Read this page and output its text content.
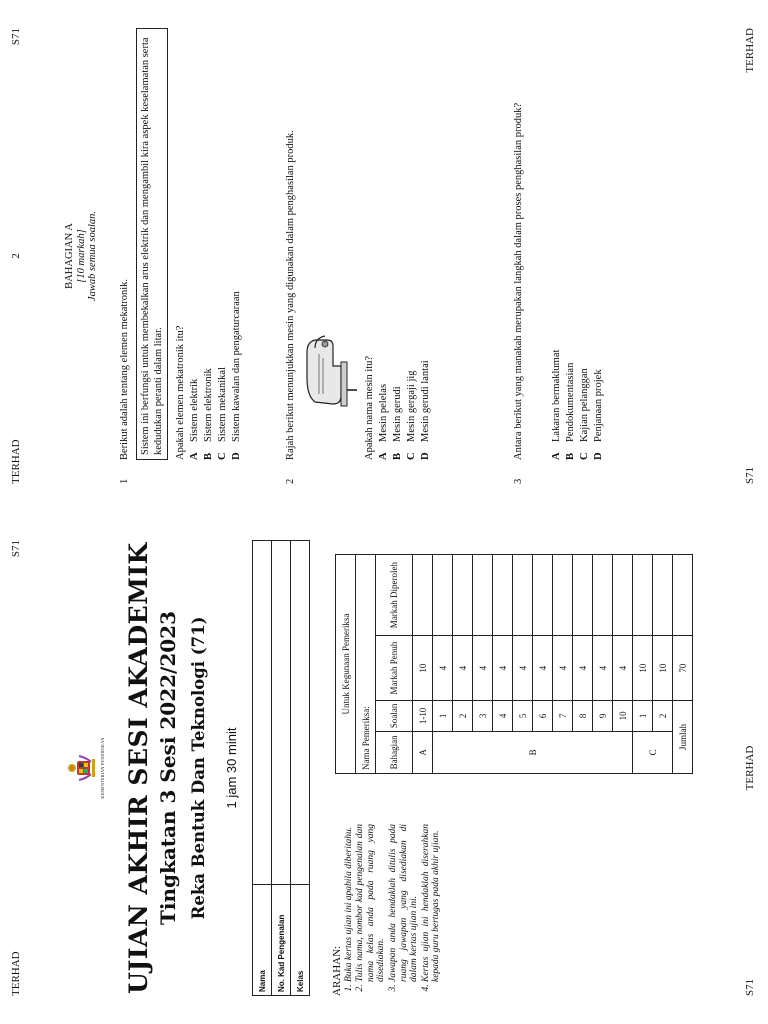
TERHAD
S71
KEMENTERIAN PENDIDIKAN UJIAN AKHIR SESI AKADEMIK Tingkatan 3 Sesi 2022/2023 Reka Bentuk Dan Teknologi (71) 1 jam 30 minit
Nama	
No. Kad Pengenalan	
Kelas	ARAHAN: 1. Buka kertas ujian ini apabila diberitahu. 2. Tulis nama, nombor kad pengenalan dan nama kelas anda pada ruang yang disediakan. 3. Jawapan anda hendaklah ditulis pada ruang jawapan yang disediakan di dalam kertas ujian ini. 4. Kertas ujian ini hendaklah diserahkan kepada guru bertugas pada akhir ujian.
Untuk Kegunaan Pemeriksa			
Nama Pemeriksa:			
Bahagian	Soalan	Markah Penuh	Markah Diperoleh
A	1-10	10	
B	1	4	
	2	4	
	3	4	
	4	4	
	5	4	
	6	4	
	7	4	
	8	4	
	9	4	
	10	4	
C	1	10	
	2	10	
Jumlah		70	
S71
TERHAD
TERHAD
2
S71
BAHAGIAN A [10 markah] Jawab semua soalan.
1
Berikut adalah tentang elemen mekatronik. Sistem ini berfungsi untuk membekalkan arus elektrik dan mengambil kira aspek keselamatan serta kedudukan peranti dalam litar.	Apakah elemen mekatronik itu? A
Sistem elektrik
B
Sistem elektronik
C
Sistem mekanikal
D
Sistem kawalan dan pengaturcaraan
2
Rajah berikut menunjukkan mesin yang digunakan dalam penghasilan produk.	Apakah nama mesin itu? A
Mesin pelelas
B
Mesin gerudi
C
Mesin gergaji jig
D
Mesin gerudi lantai
3
Antara berikut yang manakah merupakan langkah dalam proses penghasilan produk?	A
Lakaran bermaklumat
B
Pendokumentasian
C
Kajian pelanggan
D
Penjanaan projek
S71
TERHAD
